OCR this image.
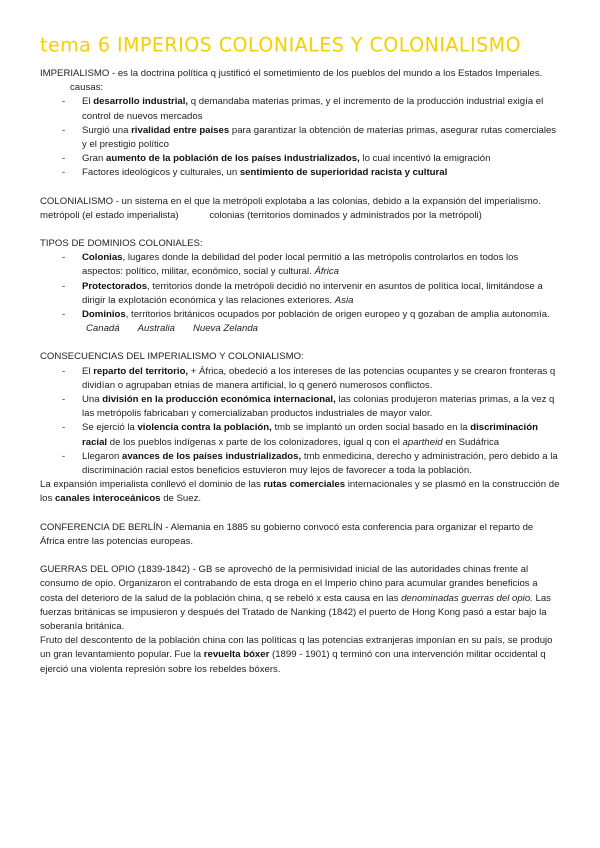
tema 6 IMPERIOS COLONIALES Y COLONIALISMO

IMPERIALISMO - es la doctrina política q justificó el sometimiento de los pueblos del mundo a los Estados Imperiales.

causas:

- El desarrollo industrial, q demandaba materias primas, y el incremento de la producción industrial exigía el control de nuevos mercados
- Surgió una rivalidad entre países para garantizar la obtención de materias primas, asegurar rutas comerciales y el prestigio político
- Gran aumento de la población de los países industrializados, lo cual incentivó la emigración
- Factores ideológicos y culturales, un sentimiento de superioridad racista y cultural

COLONIALISMO - un sistema en el que la metrópoli explotaba a las colonias, debido a la expansión del imperialismo.

metrópoli (el estado imperialista)	colonias (territorios dominados y administrados por la metrópoli)

TIPOS DE DOMINIOS COLONIALES:

- Colonias, lugares donde la debilidad del poder local permitió a las metrópolis controlarlos en todos los aspectos: político, militar, económico, social y cultural. África
- Protectorados, territorios donde la metrópoli decidió no intervenir en asuntos de política local, limitándose a dirigir la explotación económica y las relaciones exteriores. Asia
- Dominios, territorios británicos ocupados por población de origen europeo y q gozaban de amplia autonomía. Canadá Australia Nueva Zelanda

CONSECUENCIAS DEL IMPERIALISMO Y COLONIALISMO:

- El reparto del territorio, + África, obedeció a los intereses de las potencias ocupantes y se crearon fronteras q dividían o agrupaban etnias de manera artificial, lo q generó numerosos conflictos.
- Una división en la producción económica internacional, las colonias produjeron materias primas, a la vez q las metrópolis fabricaban y comercializaban productos industriales de mayor valor.
- Se ejerció la violencia contra la población, tmb se implantó un orden social basado en la discriminación racial de los pueblos indígenas x parte de los colonizadores, igual q con el apartheid en Sudáfrica
- Llegaron avances de los países industrializados, tmb enmedicina, derecho y administración, pero debido a la discriminación racial estos beneficios estuvieron muy lejos de favorecer a toda la población.

La expansión imperialista conllevó el dominio de las rutas comerciales internacionales y se plasmó en la construcción de los canales interoceánicos de Suez.

CONFERENCIA DE BERLÍN - Alemania en 1885 su gobierno convocó esta conferencia para organizar el reparto de África entre las potencias europeas.

GUERRAS DEL OPIO (1839-1842) - GB se aprovechó de la permisividad inicial de las autoridades chinas frente al consumo de opio. Organizaron el contrabando de esta droga en el Imperio chino para acumular grandes beneficios a costa del deterioro de la salud de la población china, q se rebeló x esta causa en las denominadas guerras del opio. Las fuerzas británicas se impusieron y después del Tratado de Nanking (1842) el puerto de Hong Kong pasó a estar bajo la soberanía británica.

Fruto del descontento de la población china con las políticas q las potencias extranjeras imponían en su país, se produjo un gran levantamiento popular. Fue la revuelta bóxer (1899 - 1901) q terminó con una intervención militar occidental q ejerció una violenta represión sobre los rebeldes bóxers.
